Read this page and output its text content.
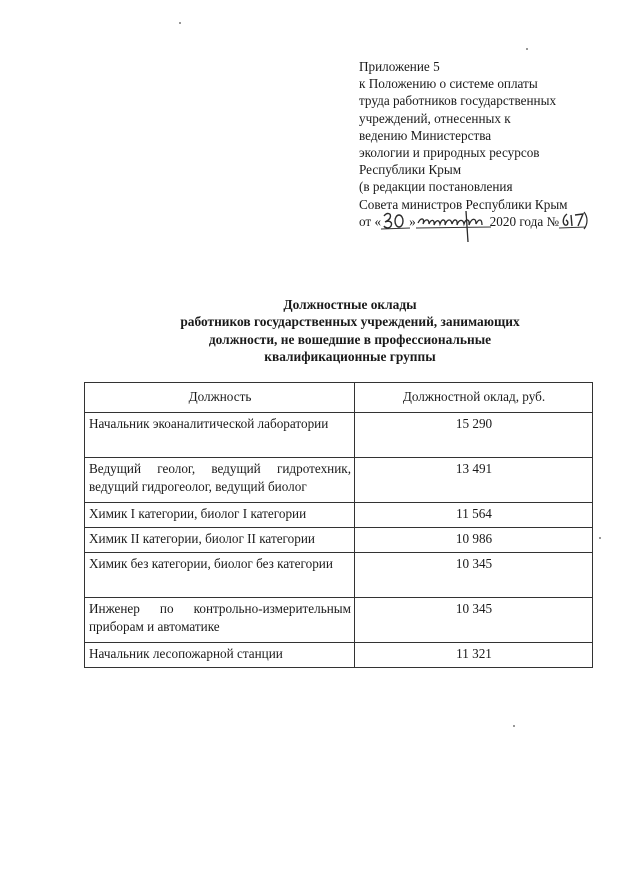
Приложение 5
к Положению о системе оплаты
труда работников государственных
учреждений, отнесенных к
ведению Министерства
экологии и природных ресурсов
Республики Крым
(в редакции постановления
Совета министров Республики Крым
от « »	2020 года №
Должностные оклады
работников государственных учреждений, занимающих
должности, не вошедшие в профессиональные
квалификационные группы
Должность	Должностной оклад, руб.
Начальник экоаналитической лаборатории	15 290
Ведущий геолог, ведущий гидротехник, ведущий гидрогеолог, ведущий биолог	13 491
Химик I категории, биолог I категории	11 564
Химик II категории, биолог II категории	10 986
Химик без категории, биолог без категории	10 345
Инженер по контрольно-измерительным приборам и автоматике	10 345
Начальник лесопожарной станции	11 321
